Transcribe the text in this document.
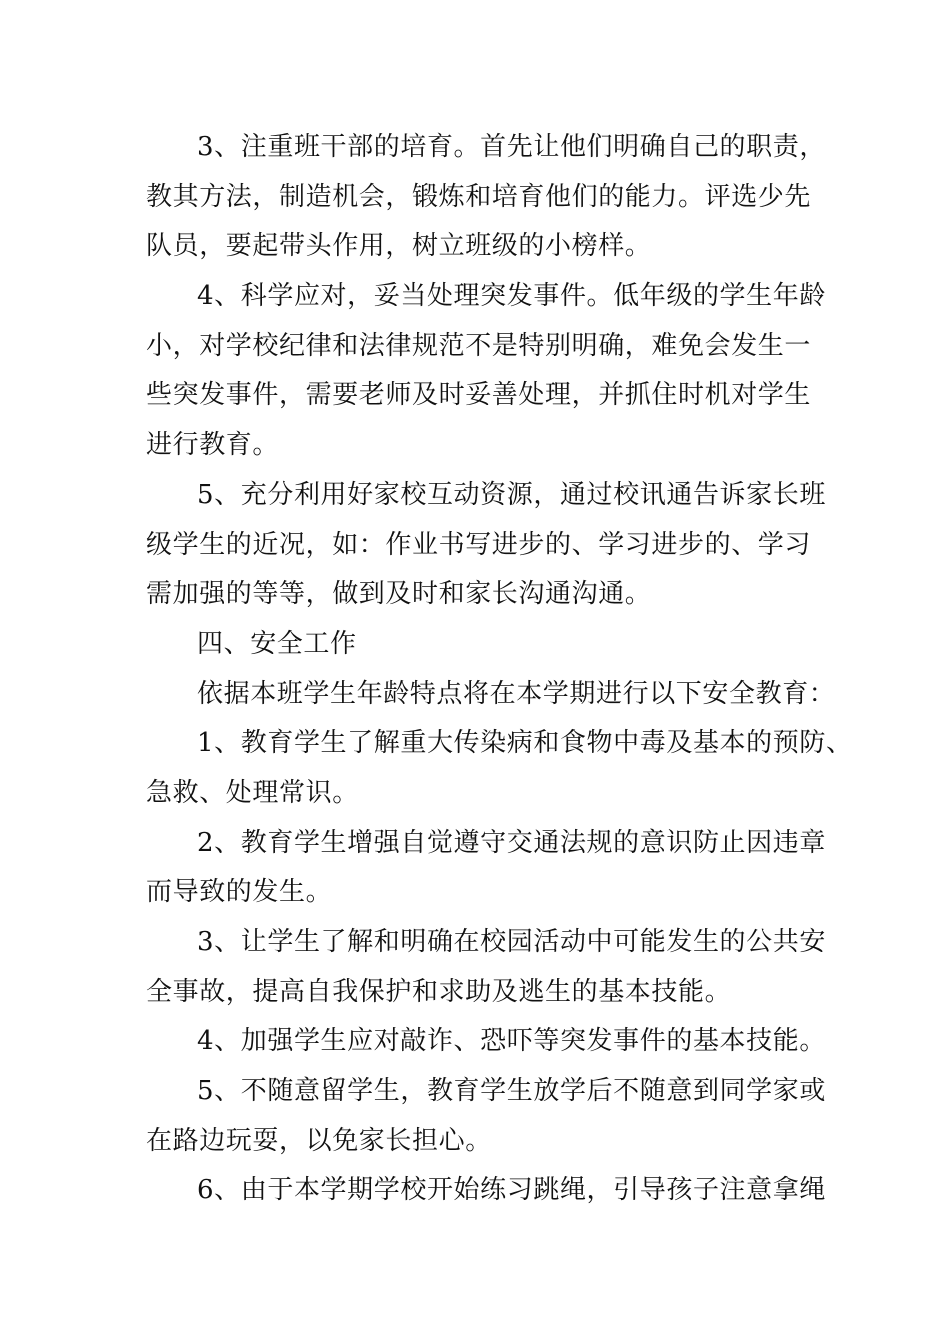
3、注重班干部的培育。首先让他们明确自己的职责，
教其方法，制造机会，锻炼和培育他们的能力。评选少先
队员，要起带头作用，树立班级的小榜样。
4、科学应对，妥当处理突发事件。低年级的学生年龄
小，对学校纪律和法律规范不是特别明确，难免会发生一
些突发事件，需要老师及时妥善处理，并抓住时机对学生
进行教育。
5、充分利用好家校互动资源，通过校讯通告诉家长班
级学生的近况，如：作业书写进步的、学习进步的、学习
需加强的等等，做到及时和家长沟通沟通。
四、安全工作
依据本班学生年龄特点将在本学期进行以下安全教育：
1、教育学生了解重大传染病和食物中毒及基本的预防、
急救、处理常识。
2、教育学生增强自觉遵守交通法规的意识防止因违章
而导致的发生。
3、让学生了解和明确在校园活动中可能发生的公共安
全事故，提高自我保护和求助及逃生的基本技能。
4、加强学生应对敲诈、恐吓等突发事件的基本技能。
5、不随意留学生，教育学生放学后不随意到同学家或
在路边玩耍，以免家长担心。
6、由于本学期学校开始练习跳绳，引导孩子注意拿绳
